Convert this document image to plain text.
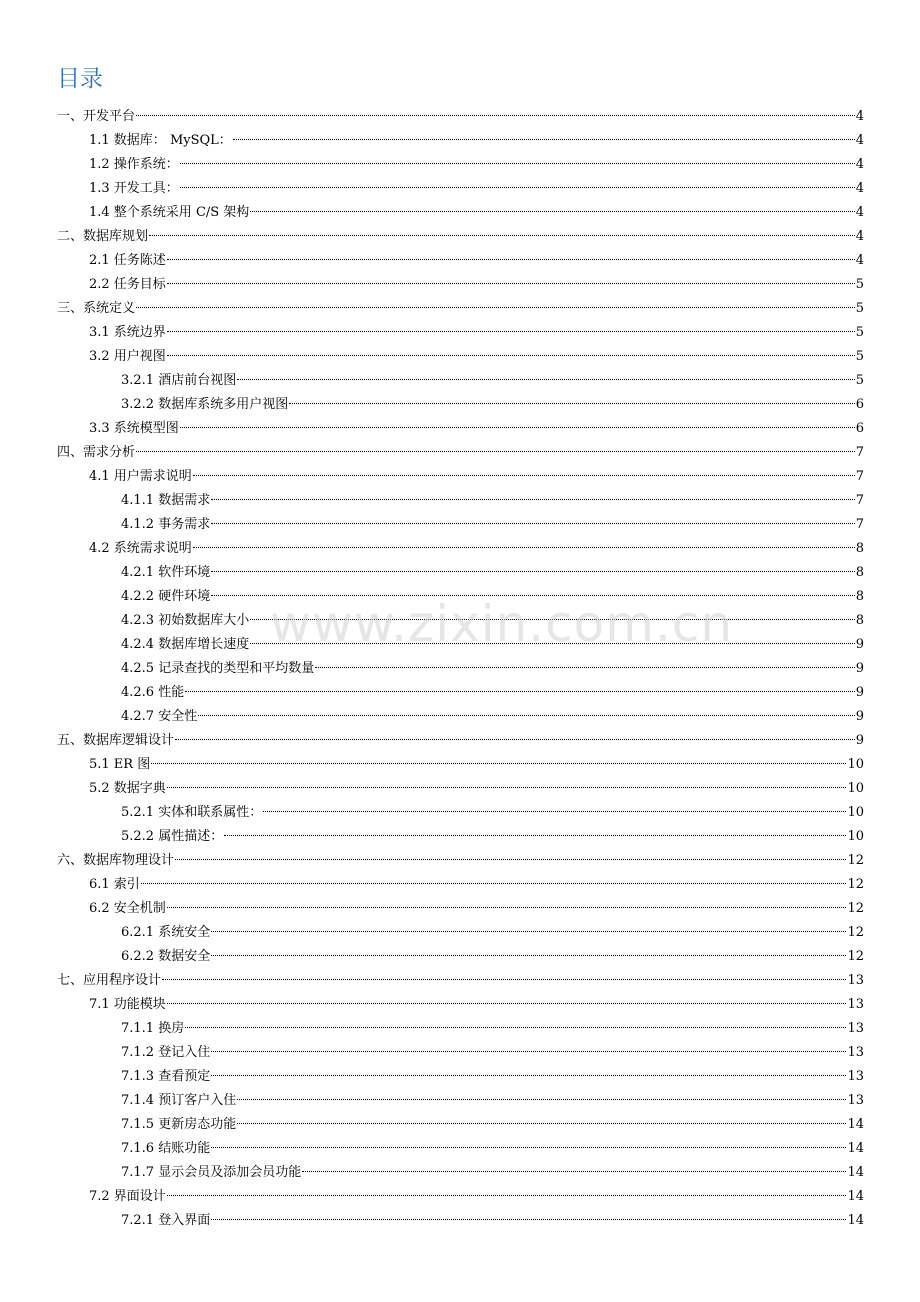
目录
一、开发平台	4
1.1 数据库： MySQL：	4
1.2 操作系统：	4
1.3 开发工具：	4
1.4 整个系统采用 C/S 架构	4
二、数据库规划	4
2.1 任务陈述	4
2.2 任务目标	5
三、系统定义	5
3.1 系统边界	5
3.2 用户视图	5
3.2.1 酒店前台视图	5
3.2.2 数据库系统多用户视图	6
3.3 系统模型图	6
四、需求分析	7
4.1 用户需求说明	7
4.1.1 数据需求	7
4.1.2 事务需求	7
4.2 系统需求说明	8
4.2.1 软件环境	8
4.2.2 硬件环境	8
4.2.3 初始数据库大小	8
4.2.4 数据库增长速度	9
4.2.5 记录查找的类型和平均数量	9
4.2.6 性能	9
4.2.7 安全性	9
五、数据库逻辑设计	9
5.1 ER 图	10
5.2 数据字典	10
5.2.1 实体和联系属性：	10
5.2.2 属性描述：	10
六、数据库物理设计	12
6.1 索引	12
6.2 安全机制	12
6.2.1 系统安全	12
6.2.2 数据安全	12
七、应用程序设计	13
7.1 功能模块	13
7.1.1 换房	13
7.1.2 登记入住	13
7.1.3 查看预定	13
7.1.4 预订客户入住	13
7.1.5 更新房态功能	14
7.1.6 结账功能	14
7.1.7 显示会员及添加会员功能	14
7.2 界面设计	14
7.2.1 登入界面	14
www.zixin.com.cn
